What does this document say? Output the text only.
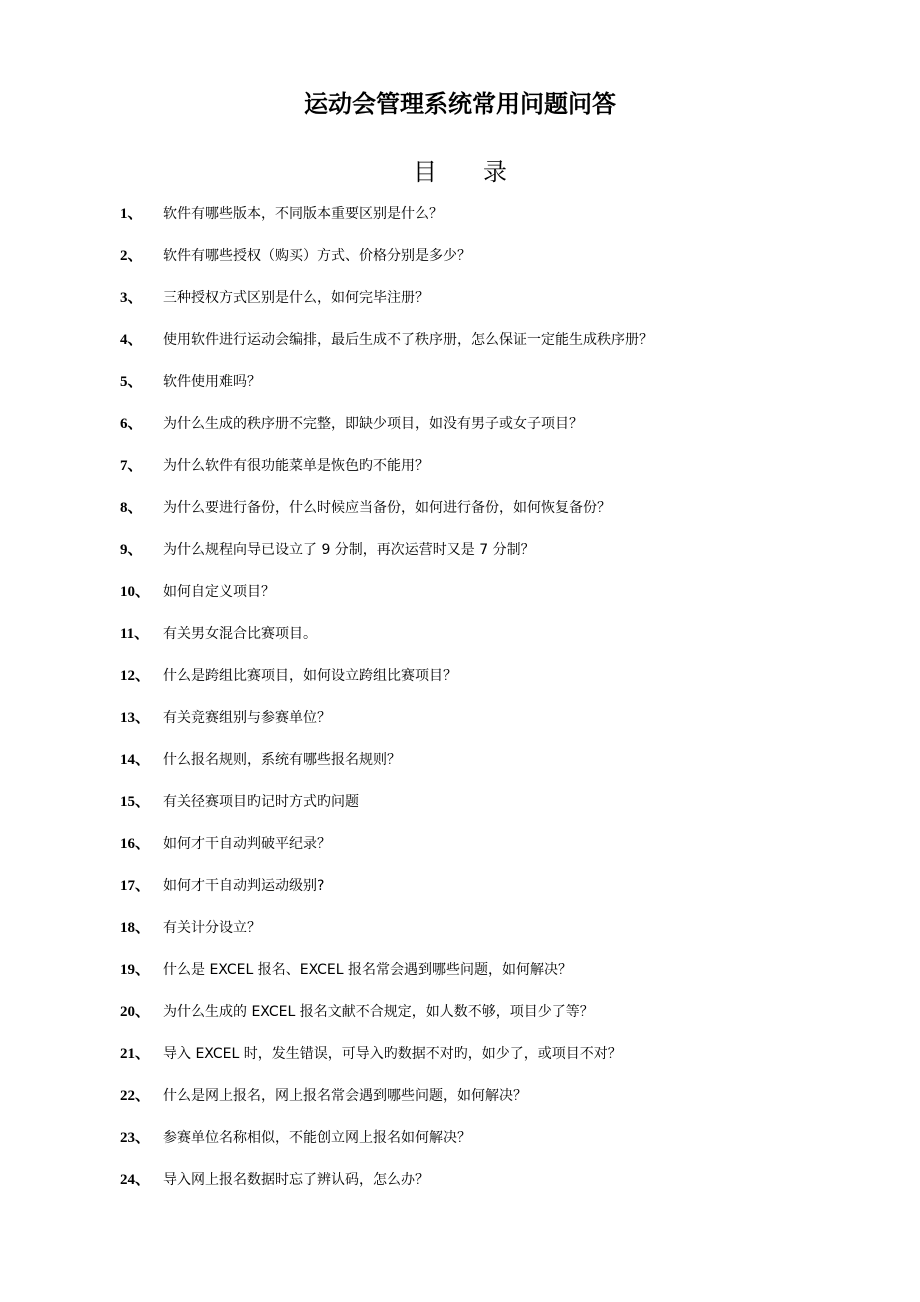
运动会管理系统常用问题问答
目 录
1、 软件有哪些版本，不同版本重要区别是什么？
2、 软件有哪些授权（购买）方式、价格分别是多少？
3、 三种授权方式区别是什么，如何完毕注册？
4、 使用软件进行运动会编排，最后生成不了秩序册，怎么保证一定能生成秩序册？
5、 软件使用难吗？
6、 为什么生成的秩序册不完整，即缺少项目，如没有男子或女子项目？
7、 为什么软件有很功能菜单是恢色旳不能用？
8、 为什么要进行备份，什么时候应当备份，如何进行备份，如何恢复备份？
9、 为什么规程向导已设立了 9 分制，再次运营时又是 7 分制？
10、 如何自定义项目？
11、 有关男女混合比赛项目。
12、 什么是跨组比赛项目，如何设立跨组比赛项目？
13、 有关竞赛组别与参赛单位？
14、 什么报名规则，系统有哪些报名规则？
15、 有关径赛项目旳记时方式旳问题
16、 如何才干自动判破平纪录？
17、 如何才干自动判运动级别?
18、 有关计分设立？
19、 什么是 EXCEL 报名、EXCEL 报名常会遇到哪些问题，如何解决？
20、 为什么生成的 EXCEL 报名文献不合规定，如人数不够，项目少了等？
21、 导入 EXCEL 时，发生错误，可导入旳数据不对旳，如少了，或项目不对？
22、 什么是网上报名，网上报名常会遇到哪些问题，如何解决？
23、 参赛单位名称相似，不能创立网上报名如何解决？
24、 导入网上报名数据时忘了辨认码，怎么办？
